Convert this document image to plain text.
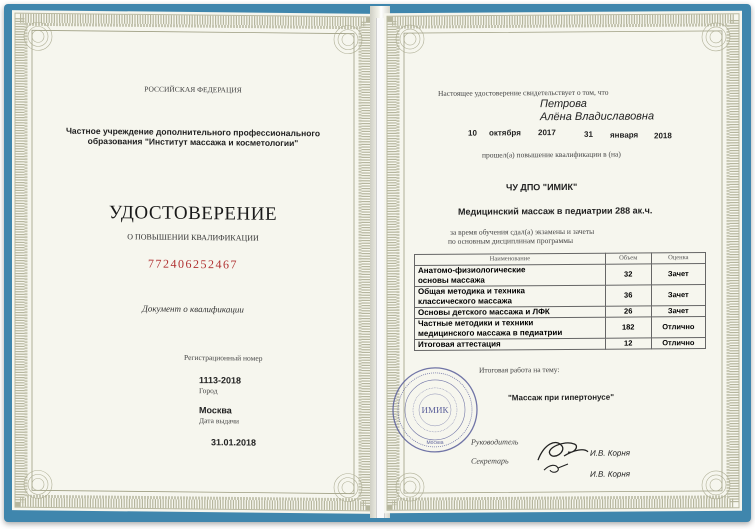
РОССИЙСКАЯ ФЕДЕРАЦИЯ
Частное учреждение дополнительного профессионального
образования "Институт массажа и косметологии"
УДОСТОВЕРЕНИЕ
О ПОВЫШЕНИИ КВАЛИФИКАЦИИ
772406252467
Документ о квалификации
Регистрационный номер
1113-2018
Город
Москва
Дата выдачи
31.01.2018
Настоящее удостоверение свидетельствует о том, что
Петрова
Алёна Владиславовна
10 октября 2017	31 января 2018
прошел(а) повышение квалификации в (на)
ЧУ ДПО "ИМИК"
Медицинский массаж в педиатрии 288 ак.ч.
за время обучения сдал(а) экзамены и зачеты
по основным дисциплинам программы
Наименование	Объем	Оценка
Анатомо-физиологические
основы массажа	32	Зачет
Общая методика и техника
классического массажа	36	Зачет
Основы детского массажа и ЛФК	26	Зачет
Частные методики и техники
медицинского массажа в педиатрии	182	Отлично
Итоговая аттестация	12	Отлично
Итоговая работа на тему:
"Массаж при гипертонусе"
ИМИК
Москва	Руководитель
И.В. Корня
Секретарь
И.В. Корня
